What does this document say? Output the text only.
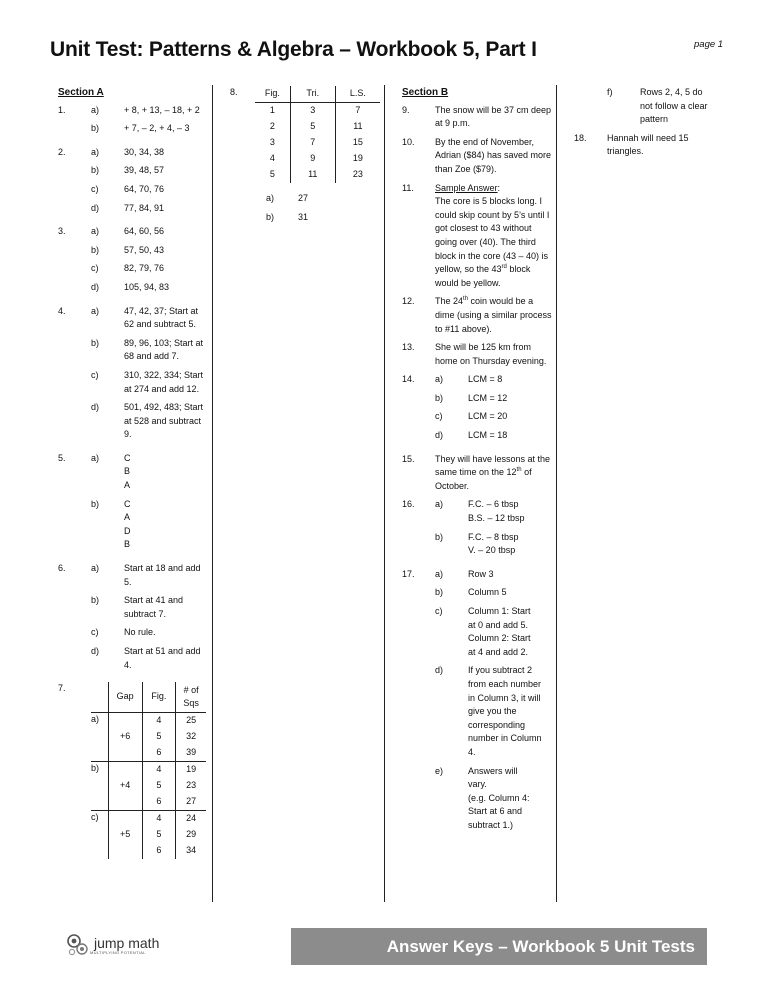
Unit Test: Patterns & Algebra – Workbook 5, Part I	page 1
Section A
1.	a)	+ 8, + 13, – 18, + 2
b)	+ 7, – 2, + 4, – 3
2.	a)	30, 34, 38
b)	39, 48, 57
c)	64, 70, 76
d)	77, 84, 91
3.	a)	64, 60, 56
b)	57, 50, 43
c)	82, 79, 76
d)	105, 94, 83
4.	a)	47, 42, 37; Start at 62 and subtract 5.
b)	89, 96, 103; Start at 68 and add 7.
c)	310, 322, 334; Start at 274 and add 12.
d)	501, 492, 483; Start at 528 and subtract 9.
5.	a)	C
B
A
b)	C
A
D
B
6.	a)	Start at 18 and add 5.
b)	Start at 41 and subtract 7.
c)	No rule.
d)	Start at 51 and add 4.
7.
	Gap	Fig.	# of Sqs
a)		4	25
	+6	5	32
		6	39
b)		4	19
	+4	5	23
		6	27
c)		4	24
	+5	5	29
		6	34
8.	Fig.	Tri.	L.S.
1	3	7
2	5	11
3	7	15
4	9	19
5	11	23
a)	27
b)	31
Section B
9.	The snow will be 37 cm deep at 9 p.m.
10.	By the end of November, Adrian ($84) has saved more than Zoe ($79).
11.	Sample Answer:
The core is 5 blocks long. I could skip count by 5’s until I got closest to 43 without going over (40). The third block in the core (43 – 40) is yellow, so the 43rd block would be yellow.
12.	The 24th coin would be a dime (using a similar process to #11 above).
13.	She will be 125 km from home on Thursday evening.
14.	a)	LCM = 8
b)	LCM = 12
c)	LCM = 20
d)	LCM = 18
15.	They will have lessons at the same time on the 12th of October.
16.	a)	F.C. – 6 tbsp
B.S. – 12 tbsp
b)	F.C. – 8 tbsp
V. – 20 tbsp
17.	a)	Row 3
b)	Column 5
c)	Column 1: Start at 0 and add 5. Column 2: Start at 4 and add 2.
d)	If you subtract 2 from each number in Column 3, it will give you the corresponding number in Column 4.
e)	Answers will vary.
(e.g. Column 4: Start at 6 and subtract 1.)
f)	Rows 2, 4, 5 do not follow a clear pattern
18.	Hannah will need 15 triangles.
jump math
MULTIPLYING POTENTIAL	Answer Keys – Workbook 5 Unit Tests
